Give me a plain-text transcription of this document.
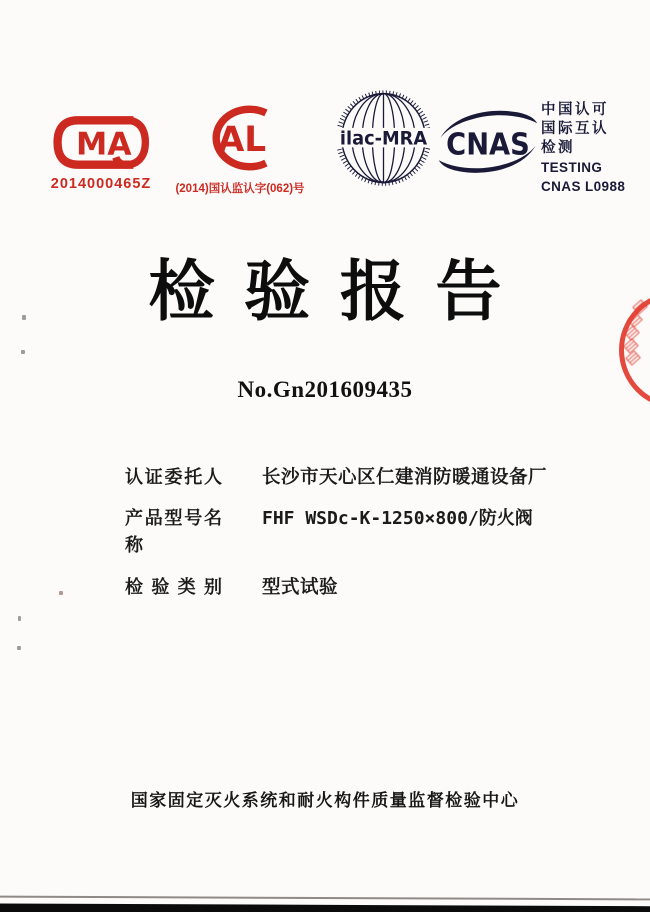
MA
2014000465Z
AL
(2014)国认监认字(062)号
ilac-MRA CNAS
中国认可
国际互认
检测
TESTING
CNAS L0988
检验报告
No.Gn201609435
认证委托人 长沙市天心区仁建消防暖通设备厂
产品型号名称
FHF WSDc-K-1250×800/防火阀
检验类别 型式试验
国家固定灭火系统和耐火构件质量监督检验中心
